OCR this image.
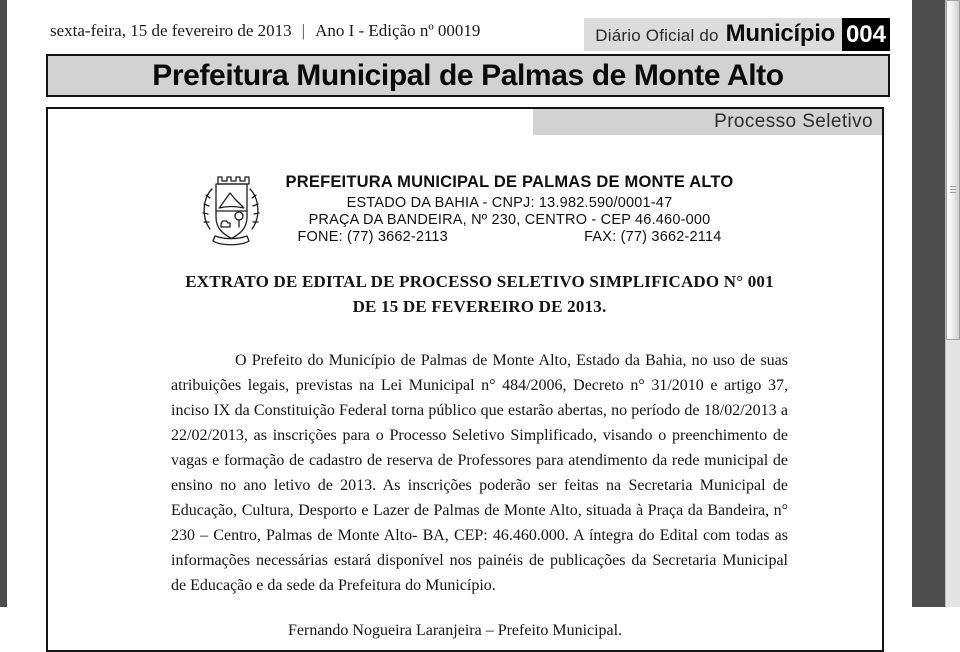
sexta-feira, 15 de fevereiro de 2013 | Ano I - Edição nº 00019	Diário Oficial do Município 004
Prefeitura Municipal de Palmas de Monte Alto
Processo Seletivo
PREFEITURA MUNICIPAL DE PALMAS DE MONTE ALTO
ESTADO DA BAHIA - CNPJ: 13.982.590/0001-47
PRAÇA DA BANDEIRA, Nº 230, CENTRO - CEP 46.460-000
FONE: (77) 3662-2113	FAX: (77) 3662-2114
EXTRATO DE EDITAL DE PROCESSO SELETIVO SIMPLIFICADO N° 001
DE 15 DE FEVEREIRO DE 2013.

O Prefeito do Município de Palmas de Monte Alto, Estado da Bahia, no uso de suas atribuições legais, previstas na Lei Municipal n° 484/2006, Decreto n° 31/2010 e artigo 37, inciso IX da Constituição Federal torna público que estarão abertas, no período de 18/02/2013 a 22/02/2013, as inscrições para o Processo Seletivo Simplificado, visando o preenchimento de vagas e formação de cadastro de reserva de Professores para atendimento da rede municipal de ensino no ano letivo de 2013. As inscrições poderão ser feitas na Secretaria Municipal de Educação, Cultura, Desporto e Lazer de Palmas de Monte Alto, situada à Praça da Bandeira, n° 230 – Centro, Palmas de Monte Alto- BA, CEP: 46.460.000. A íntegra do Edital com todas as informações necessárias estará disponível nos painéis de publicações da Secretaria Municipal de Educação e da sede da Prefeitura do Município.

Fernando Nogueira Laranjeira – Prefeito Municipal.
